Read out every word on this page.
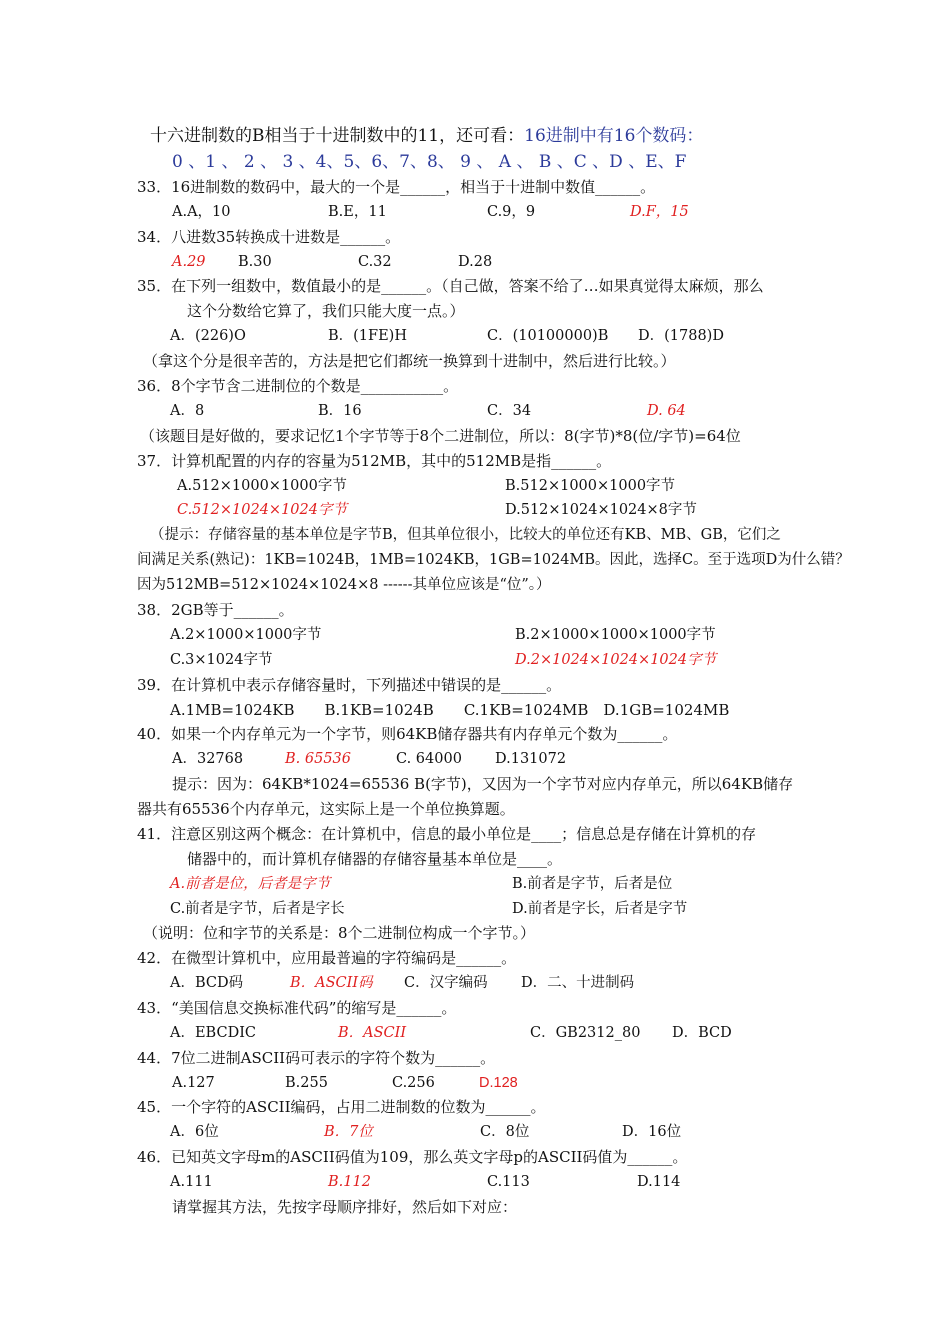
十六进制数的B相当于十进制数中的11，还可看：16进制中有16个数码：
0 、1 、 2 、 3 、4、5、6、7、8、 9 、 A 、 B 、C 、D 、E、F
33．16进制数的数码中，最大的一个是______，相当于十进制中数值______。
A.A，10	B.E，11	C.9，9	D.F，15
34．八进数35转换成十进数是______。
A.29 B.30	C.32	D.28
35．在下列一组数中，数值最小的是______。（自己做，答案不给了…如果真觉得太麻烦，那么
这个分数给它算了，我们只能大度一点。）
A．(226)O	B．(1FE)H	C．(10100000)B D．(1788)D
（拿这个分是很辛苦的，方法是把它们都统一换算到十进制中，然后进行比较。）
36．8个字节含二进制位的个数是___________。
A．8	B．16	C．34	D. 64
（该题目是好做的，要求记忆1个字节等于8个二进制位，所以：8(字节)*8(位/字节)=64位
37．计算机配置的内存的容量为512MB，其中的512MB是指______。
A.512×1000×1000字节	B.512×1000×1000字节
C.512×1024×1024字节	D.512×1024×1024×8字节
（提示：存储容量的基本单位是字节B，但其单位很小，比较大的单位还有KB、MB、GB，它们之
间满足关系(熟记)：1KB=1024B，1MB=1024KB，1GB=1024MB。因此，选择C。至于选项D为什么错？
因为512MB=512×1024×1024×8 ------其单位应该是“位”。）
38．2GB等于______。
A.2×1000×1000字节	B.2×1000×1000×1000字节
C.3×1024字节	D.2×1024×1024×1024字节
39．在计算机中表示存储容量时，下列描述中错误的是______。
A.1MB=1024KB　　B.1KB=1024B　　C.1KB=1024MB　D.1GB=1024MB
40．如果一个内存单元为一个字节，则64KB储存器共有内存单元个数为______。
A．32768	B. 65536	C. 64000 D.131072
提示：因为：64KB*1024=65536 B(字节)，又因为一个字节对应内存单元，所以64KB储存
器共有65536个内存单元，这实际上是一个单位换算题。
41．注意区别这两个概念：在计算机中，信息的最小单位是____；信息总是存储在计算机的存
储器中的，而计算机存储器的存储容量基本单位是____。
A.前者是位，后者是字节	B.前者是字节，后者是位
C.前者是字节，后者是字长	D.前者是字长，后者是字节
（说明：位和字节的关系是：8个二进制位构成一个字节。）
42．在微型计算机中，应用最普遍的字符编码是______。
A．BCD码	B．ASCII码 C．汉字编码 D．二、十进制码
43．“美国信息交换标准代码”的缩写是______。
A．EBCDIC	B．ASCII	C．GB2312_80 D．BCD
44．7位二进制ASCII码可表示的字符个数为______。
A.127	B.255	C.256	D.128
45．一个字符的ASCII编码，占用二进制数的位数为______。
A．6位	B．7位	C．8位	D．16位
46．已知英文字母m的ASCII码值为109，那么英文字母p的ASCII码值为______。
A.111	B.112	C.113	D.114
请掌握其方法，先按字母顺序排好，然后如下对应：
